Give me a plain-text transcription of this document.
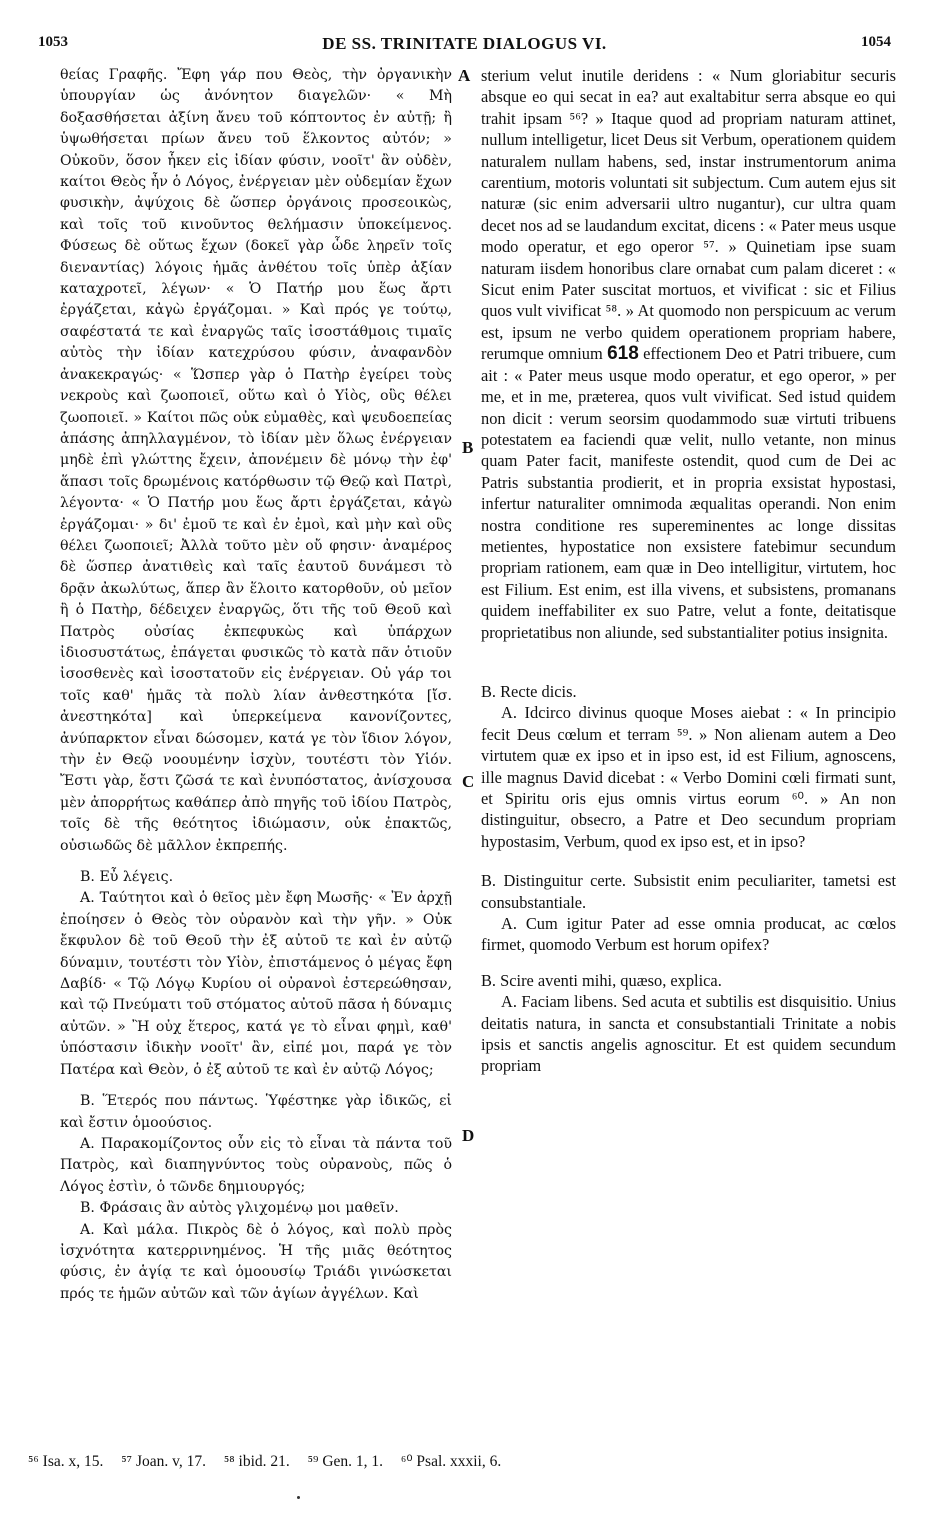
1053	DE SS. TRINITATE DIALOGUS VI.	1054

θείας Γραφῆς. Ἔφη γάρ που Θεὸς, τὴν ὀργανικὴν ὑπουργίαν ὡς ἀνόνητον διαγελῶν· « Μὴ δοξασθήσεται ἀξίνη ἄνευ τοῦ κόπτοντος ἐν αὐτῇ; ἢ ὑψωθήσεται πρίων ἄνευ τοῦ ἕλκοντος αὐτόν; » Οὐκοῦν, ὅσον ἧκεν εἰς ἰδίαν φύσιν, νοοῖτ' ἂν οὐδὲν, καίτοι Θεὸς ἦν ὁ Λόγος, ἐνέργειαν μὲν οὐδεμίαν ἔχων φυσικὴν, ἀψύχοις δὲ ὥσπερ ὀργάνοις προσεοικὼς, καὶ τοῖς τοῦ κινοῦντος θελήμασιν ὑποκείμενος. Φύσεως δὲ οὕτως ἔχων (δοκεῖ γὰρ ὧδε ληρεῖν τοῖς διεναντίας) λόγοις ἡμᾶς ἀνθέτου τοῖς ὑπὲρ ἀξίαν καταχροτεῖ, λέγων· « Ὁ Πατήρ μου ἕως ἄρτι ἐργάζεται, κἀγὼ ἐργάζομαι. » Καὶ πρός γε τούτῳ, σαφέστατά τε καὶ ἐναργῶς ταῖς ἰσοστάθμοις τιμαῖς αὐτὸς τὴν ἰδίαν κατεχρύσου φύσιν, ἀναφανδὸν ἀνακεκραγώς· « Ὥσπερ γὰρ ὁ Πατὴρ ἐγείρει τοὺς νεκροὺς καὶ ζωοποιεῖ, οὕτω καὶ ὁ Υἱὸς, οὓς θέλει ζωοποιεῖ. » Καίτοι πῶς οὐκ εὐμαθὲς, καὶ ψευδοεπείας ἁπάσης ἀπηλλαγμένον, τὸ ἰδίαν μὲν ὅλως ἐνέργειαν μηδὲ ἐπὶ γλώττης ἔχειν, ἀπονέμειν δὲ μόνῳ τὴν ἐφ' ἅπασι τοῖς δρωμένοις κατόρθωσιν τῷ Θεῷ καὶ Πατρὶ, λέγοντα· « Ὁ Πατήρ μου ἕως ἄρτι ἐργάζεται, κἀγὼ ἐργάζομαι· » δι' ἐμοῦ τε καὶ ἐν ἐμοὶ, καὶ μὴν καὶ οὓς θέλει ζωοποιεῖ; Ἀλλὰ τοῦτο μὲν οὔ φησιν· ἀναμέρος δὲ ὥσπερ ἀνατιθεὶς καὶ ταῖς ἑαυτοῦ δυνάμεσι τὸ δρᾷν ἀκωλύτως, ἅπερ ἂν ἕλοιτο κατορθοῦν, οὐ μεῖον ἢ ὁ Πατὴρ, δέδειχεν ἐναργῶς, ὅτι τῆς τοῦ Θεοῦ καὶ Πατρὸς οὐσίας ἐκπεφυκὼς καὶ ὑπάρχων ἰδιοσυστάτως, ἐπάγεται φυσικῶς τὸ κατὰ πᾶν ὁτιοῦν ἰσοσθενὲς καὶ ἰσοστατοῦν εἰς ἐνέργειαν. Οὐ γάρ τοι τοῖς καθ' ἡμᾶς τὰ πολὺ λίαν ἀνθεστηκότα [ἴσ. ἀνεστηκότα] καὶ ὑπερκείμενα κανονίζοντες, ἀνύπαρκτον εἶναι δώσομεν, κατά γε τὸν ἴδιον λόγον, τὴν ἐν Θεῷ νοουμένην ἰσχὺν, τουτέστι τὸν Υἱόν. Ἔστι γὰρ, ἔστι ζῶσά τε καὶ ἐνυπόστατος, ἀνίσχουσα μὲν ἀπορρήτως καθάπερ ἀπὸ πηγῆς τοῦ ἰδίου Πατρὸς, τοῖς δὲ τῆς θεότητος ἰδιώμασιν, οὐκ ἐπακτῶς, οὐσιωδῶς δὲ μᾶλλον ἐκπρεπής.

Β. Εὖ λέγεις.

Α. Ταύτητοι καὶ ὁ θεῖος μὲν ἔφη Μωσῆς· « Ἐν ἀρχῇ ἐποίησεν ὁ Θεὸς τὸν οὐρανὸν καὶ τὴν γῆν. » Οὐκ ἔκφυλον δὲ τοῦ Θεοῦ τὴν ἐξ αὐτοῦ τε καὶ ἐν αὐτῷ δύναμιν, τουτέστι τὸν Υἱὸν, ἐπιστάμενος ὁ μέγας ἔφη Δαβίδ· « Τῷ Λόγῳ Κυρίου οἱ οὐρανοὶ ἐστερεώθησαν, καὶ τῷ Πνεύματι τοῦ στόματος αὐτοῦ πᾶσα ἡ δύναμις αὐτῶν. » Ἢ οὐχ ἕτερος, κατά γε τὸ εἶναι φημὶ, καθ' ὑπόστασιν ἰδικὴν νοοῖτ' ἂν, εἰπέ μοι, παρά γε τὸν Πατέρα καὶ Θεὸν, ὁ ἐξ αὐτοῦ τε καὶ ἐν αὐτῷ Λόγος;

Β. Ἕτερός που πάντως. Ὑφέστηκε γὰρ ἰδικῶς, εἰ καὶ ἔστιν ὁμοούσιος.

Α. Παρακομίζοντος οὖν εἰς τὸ εἶναι τὰ πάντα τοῦ Πατρὸς, καὶ διαπηγνύντος τοὺς οὐρανοὺς, πῶς ὁ Λόγος ἐστὶν, ὁ τῶνδε δημιουργός;

Β. Φράσαις ἂν αὐτὸς γλιχομένῳ μοι μαθεῖν.

Α. Καὶ μάλα. Πικρὸς δὲ ὁ λόγος, καὶ πολὺ πρὸς ἰσχνότητα κατερρινημένος. Ἡ τῆς μιᾶς θεότητος φύσις, ἐν ἁγίᾳ τε καὶ ὁμοουσίῳ Τριάδι γινώσκεται πρός τε ἡμῶν αὐτῶν καὶ τῶν ἁγίων ἀγγέλων. Καὶ

A
B
C
D

sterium velut inutile deridens : « Num gloriabitur securis absque eo qui secat in ea? aut exaltabitur serra absque eo qui trahit ipsam ⁵⁶? » Itaque quod ad propriam naturam attinet, nullum intelligetur, licet Deus sit Verbum, operationem quidem naturalem nullam habens, sed, instar instrumentorum anima carentium, motoris voluntati sit subjectum. Cum autem ejus sit naturæ (sic enim adversarii ultro nugantur), cur ultra quam decet nos ad se laudandum excitat, dicens : « Pater meus usque modo operatur, et ego operor ⁵⁷. » Quinetiam ipse suam naturam iisdem honoribus clare ornabat cum palam diceret : « Sicut enim Pater suscitat mortuos, et vivificat : sic et Filius quos vult vivificat ⁵⁸. » At quomodo non perspicuum ac verum est, ipsum ne verbo quidem operationem propriam habere, rerumque omnium 618 effectionem Deo et Patri tribuere, cum ait : « Pater meus usque modo operatur, et ego operor, » per me, et in me, præterea, quos vult vivificat. Sed istud quidem non dicit : verum seorsim quodammodo suæ virtuti tribuens potestatem ea faciendi quæ velit, nullo vetante, non minus quam Pater facit, manifeste ostendit, quod cum de Dei ac Patris substantia prodierit, et in propria exsistat hypostasi, infertur naturaliter omnimoda æqualitas operandi. Non enim nostra conditione res supereminentes ac longe dissitas metientes, hypostatice non exsistere fatebimur secundum propriam rationem, eam quæ in Deo intelligitur, virtutem, hoc est Filium. Est enim, est illa vivens, et subsistens, promanans quidem ineffabiliter ex suo Patre, velut a fonte, deitatisque proprietatibus non aliunde, sed substantialiter potius insignita.

B. Recte dicis.

A. Idcirco divinus quoque Moses aiebat : « In principio fecit Deus cœlum et terram ⁵⁹. » Non alienam autem a Deo virtutem quæ ex ipso et in ipso est, id est Filium, agnoscens, ille magnus David dicebat : « Verbo Domini cœli firmati sunt, et Spiritu oris ejus omnis virtus eorum ⁶⁰. » An non distinguitur, obsecro, a Patre et Deo secundum propriam hypostasim, Verbum, quod ex ipso est, et in ipso?

B. Distinguitur certe. Subsistit enim peculiariter, tametsi est consubstantiale.

A. Cum igitur Pater ad esse omnia producat, ac cœlos firmet, quomodo Verbum est horum opifex?

B. Scire aventi mihi, quæso, explica.

A. Faciam libens. Sed acuta et subtilis est disquisitio. Unius deitatis natura, in sancta et consubstantiali Trinitate a nobis ipsis et sanctis angelis agnoscitur. Et est quidem secundum propriam

⁵⁶ Isa. x, 15. ⁵⁷ Joan. v, 17. ⁵⁸ ibid. 21. ⁵⁹ Gen. 1, 1. ⁶⁰ Psal. xxxii, 6.
